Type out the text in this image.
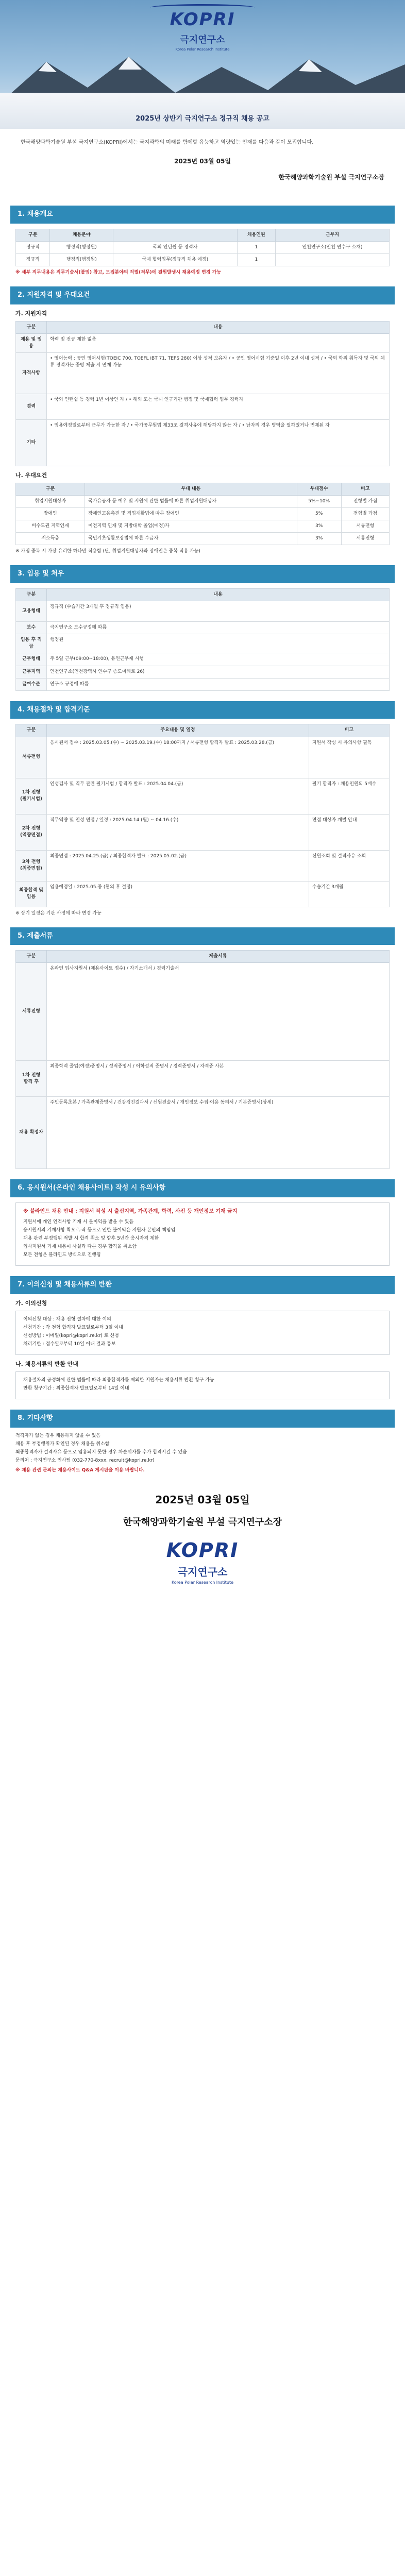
KOPRI
극지연구소
Korea Polar Research Institute
2025년 상반기 극지연구소 정규직 채용 공고

한국해양과학기술원 부설 극지연구소(KOPRI)에서는 극지과학의 미래를 함께할 유능하고 역량있는 인재를 다음과 같이 모집합니다.

2025년 03월 05일
한국해양과학기술원 부설 극지연구소장
1. 채용개요
구분	채용분야		채용인원	근무지
정규직	행정직(행정원)	국외 인턴쉽 등 경력자	1	인천연구소(인천 연수구 소재)
정규직	행정직(행정원)	국제 협력업무(정규직 채용 예정)	1	
※ 세부 직무내용은 직무기술서(붙임) 참고, 모집분야의 직렬(직무)에 결원발생시 채용예정 변경 가능
2. 지원자격 및 우대요건
가. 지원자격
구분	내용
채용 및 임용	학력 및 전공 제한 없음
자격사항	• 영어능력 : 공인 영어시험(TOEIC 700, TOEFL iBT 71, TEPS 280) 이상 성적 보유자 / • 공인 영어시험 기준일 이후 2년 이내 성적 / • 국외 학위 취득자 및 국외 체류 경력자는 증빙 제출 시 면제 가능
경력	• 국외 인턴쉽 등 경력 1년 이상인 자 / • 해외 또는 국내 연구기관 행정 및 국제협력 업무 경력자
기타	• 임용예정일로부터 근무가 가능한 자 / • 국가공무원법 제33조 결격사유에 해당하지 않는 자 / • 남자의 경우 병역을 필하였거나 면제된 자
나. 우대요건
구분	우대 내용	우대점수	비고
취업지원대상자	국가유공자 등 예우 및 지원에 관한 법률에 따른 취업지원대상자	5%~10%	전형별 가점
장애인	장애인고용촉진 및 직업재활법에 따른 장애인	5%	전형별 가점
비수도권 지역인재	이전지역 인재 및 지방대학 졸업(예정)자	3%	서류전형
저소득층	국민기초생활보장법에 따른 수급자	3%	서류전형
※ 가점 중복 시 가장 유리한 하나만 적용함 (단, 취업지원대상자와 장애인은 중복 적용 가능)
3. 임용 및 처우
구분	내용
고용형태	정규직 (수습기간 3개월 후 정규직 임용)
보수	극지연구소 보수규정에 따름
임용 후 직급	행정원
근무형태	주 5일 근무(09:00~18:00), 유연근무제 시행
근무지역	인천연구소(인천광역시 연수구 송도미래로 26)
급여수준	연구소 규정에 따름
4. 채용절차 및 합격기준
구분	주요내용 및 일정	비고
서류전형	응시원서 접수 : 2025.03.05.(수) ~ 2025.03.19.(수) 18:00까지 / 서류전형 합격자 발표 : 2025.03.28.(금)	지원서 작성 시 유의사항 필독
1차 전형 (필기시험)	인성검사 및 직무 관련 필기시험 / 합격자 발표 : 2025.04.04.(금)	필기 합격자 : 채용인원의 5배수
2차 전형 (역량면접)	직무역량 및 인성 면접 / 일정 : 2025.04.14.(월) ~ 04.16.(수)	면접 대상자 개별 안내
3차 전형 (최종면접)	최종면접 : 2025.04.25.(금) / 최종합격자 발표 : 2025.05.02.(금)	신원조회 및 결격사유 조회
최종합격 및 임용	임용예정일 : 2025.05.중 (협의 후 결정)	수습기간 3개월
※ 상기 일정은 기관 사정에 따라 변경 가능
5. 제출서류
구분	제출서류
서류전형	온라인 입사지원서 (채용사이트 접수) / 자기소개서 / 경력기술서
1차 전형 합격 후	최종학력 졸업(예정)증명서 / 성적증명서 / 어학성적 증명서 / 경력증명서 / 자격증 사본
채용 확정자	주민등록초본 / 가족관계증명서 / 건강검진결과서 / 신원진술서 / 개인정보 수집·이용 동의서 / 기본증명서(상세)
6. 응시원서(온라인 채용사이트) 작성 시 유의사항
※ 블라인드 채용 안내 : 지원서 작성 시 출신지역, 가족관계, 학력, 사진 등 개인정보 기재 금지
지원서에 개인 인적사항 기재 시 불이익을 받을 수 있음
응시원서의 기재사항 착오·누락 등으로 인한 불이익은 지원자 본인의 책임임
채용 관련 부정행위 적발 시 합격 취소 및 향후 5년간 응시자격 제한
입사지원서 기재 내용이 사실과 다른 경우 합격을 취소함
모든 전형은 블라인드 방식으로 진행됨
7. 이의신청 및 채용서류의 반환
가. 이의신청
이의신청 대상 : 채용 전형 절차에 대한 이의
신청기간 : 각 전형 합격자 발표일로부터 3일 이내
신청방법 : 이메일(kopri@kopri.re.kr) 로 신청
처리기한 : 접수일로부터 10일 이내 결과 통보
나. 채용서류의 반환 안내
채용절차의 공정화에 관한 법률에 따라 최종합격자를 제외한 지원자는 채용서류 반환 청구 가능
반환 청구기간 : 최종합격자 발표일로부터 14일 이내
8. 기타사항
적격자가 없는 경우 채용하지 않을 수 있음
채용 후 부정행위가 확인된 경우 채용을 취소함
최종합격자가 결격사유 등으로 임용되지 못한 경우 차순위자를 추가 합격시킬 수 있음
문의처 : 극지연구소 인사팀 (032-770-8xxx, recruit@kopri.re.kr)
※ 채용 관련 문의는 채용사이트 Q&A 게시판을 이용 바랍니다.
2025년 03월 05일
한국해양과학기술원 부설 극지연구소장
KOPRI
극지연구소
Korea Polar Research Institute
